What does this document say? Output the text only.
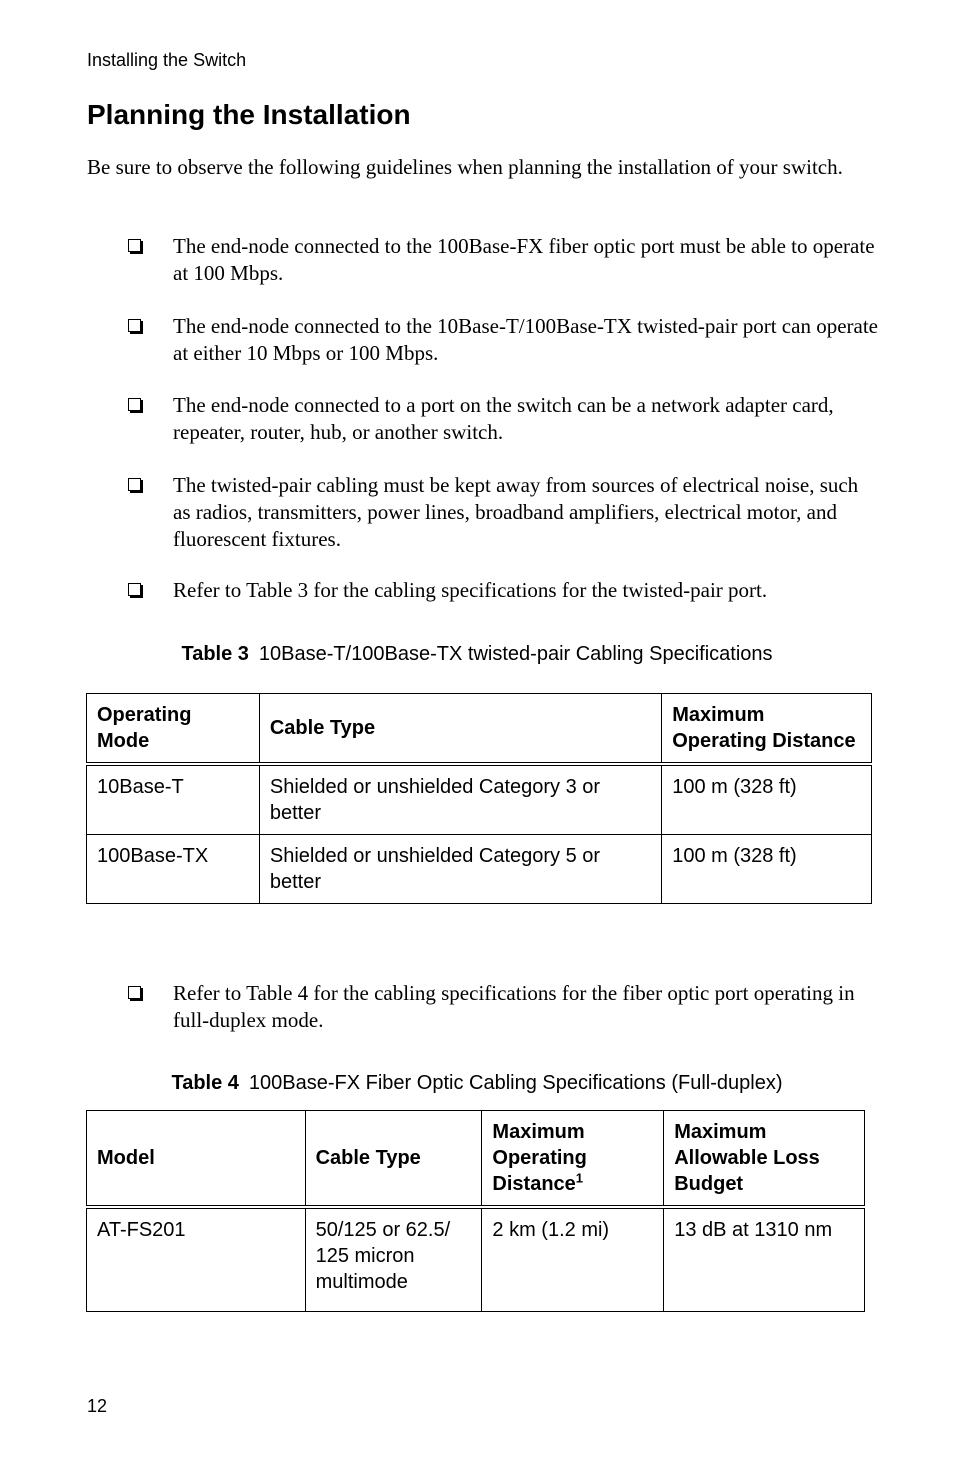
Installing the Switch
Planning the Installation

Be sure to observe the following guidelines when planning the installation of your switch.

The end-node connected to the 100Base-FX fiber optic port must be able to operate at 100 Mbps.
The end-node connected to the 10Base-T/100Base-TX twisted-pair port can operate at either 10 Mbps or 100 Mbps.
The end-node connected to a port on the switch can be a network adapter card, repeater, router, hub, or another switch.
The twisted-pair cabling must be kept away from sources of electrical noise, such as radios, transmitters, power lines, broadband amplifiers, electrical motor, and fluorescent fixtures.
Refer to Table 3 for the cabling specifications for the twisted-pair port.
Table 3 10Base-T/100Base-TX twisted-pair Cabling Specifications
Operating Mode	Cable Type	Maximum Operating Distance
10Base-T	Shielded or unshielded Category 3 or better	100 m (328 ft)
100Base-TX	Shielded or unshielded Category 5 or better	100 m (328 ft)
Refer to Table 4 for the cabling specifications for the fiber optic port operating in full-duplex mode.
Table 4 100Base-FX Fiber Optic Cabling Specifications (Full-duplex)
Model	Cable Type	Maximum Operating Distance$^1$	Maximum Allowable Loss Budget
AT-FS201	50/125 or 62.5/ 125 micron multimode	2 km (1.2 mi)	13 dB at 1310 nm
12
